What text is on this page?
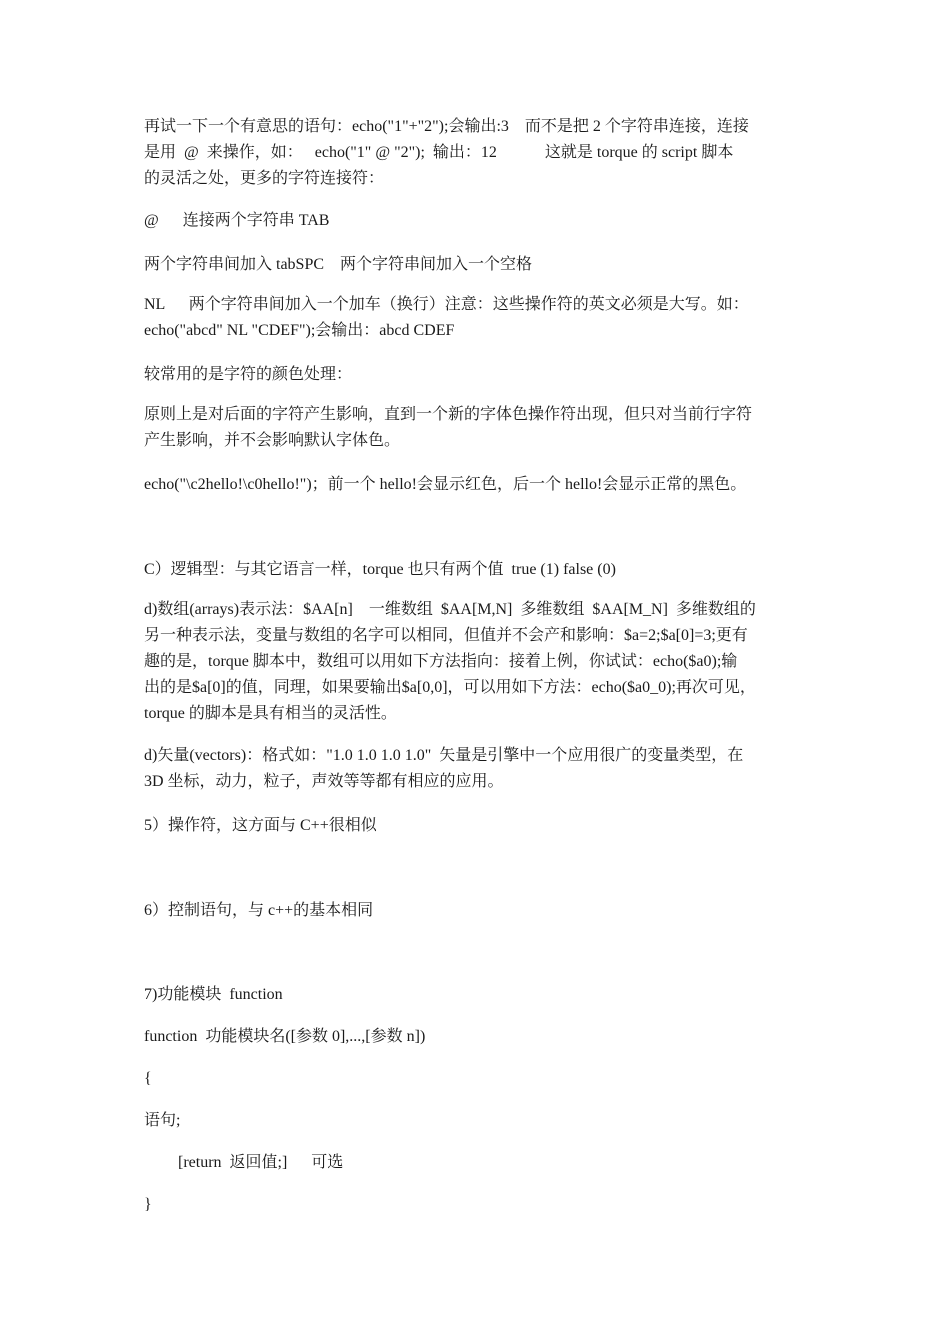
再试一下一个有意思的语句：echo("1"+"2");会输出:3    而不是把 2 个字符串连接，连接
是用  @  来操作，如：   echo("1" @ "2");  输出：12            这就是 torque 的 script 脚本
的灵活之处，更多的字符连接符：

@      连接两个字符串 TAB

两个字符串间加入 tabSPC    两个字符串间加入一个空格

NL      两个字符串间加入一个加车（换行）注意：这些操作符的英文必须是大写。如：
echo("abcd" NL "CDEF");会输出：abcd CDEF

较常用的是字符的颜色处理：

原则上是对后面的字符产生影响，直到一个新的字体色操作符出现，但只对当前行字符
产生影响，并不会影响默认字体色。

echo("\c2hello!\c0hello!")；前一个 hello!会显示红色，后一个 hello!会显示正常的黑色。

C）逻辑型：与其它语言一样，torque 也只有两个值  true (1) false (0)

d)数组(arrays)表示法：$AA[n]    一维数组  $AA[M,N]  多维数组  $AA[M_N]  多维数组的
另一种表示法，变量与数组的名字可以相同，但值并不会产和影响：$a=2;$a[0]=3;更有
趣的是，torque 脚本中，数组可以用如下方法指向：接着上例，你试试：echo($a0);输
出的是$a[0]的值，同理，如果要输出$a[0,0]，可以用如下方法：echo($a0_0);再次可见，
torque 的脚本是具有相当的灵活性。

d)矢量(vectors)：格式如："1.0 1.0 1.0 1.0"  矢量是引擎中一个应用很广的变量类型，在
3D 坐标，动力，粒子，声效等等都有相应的应用。

5）操作符，这方面与 C++很相似

6）控制语句，与 c++的基本相同

7)功能模块  function

function  功能模块名([参数 0],...,[参数 n])

{

语句;

[return  返回值;]      可选

}
